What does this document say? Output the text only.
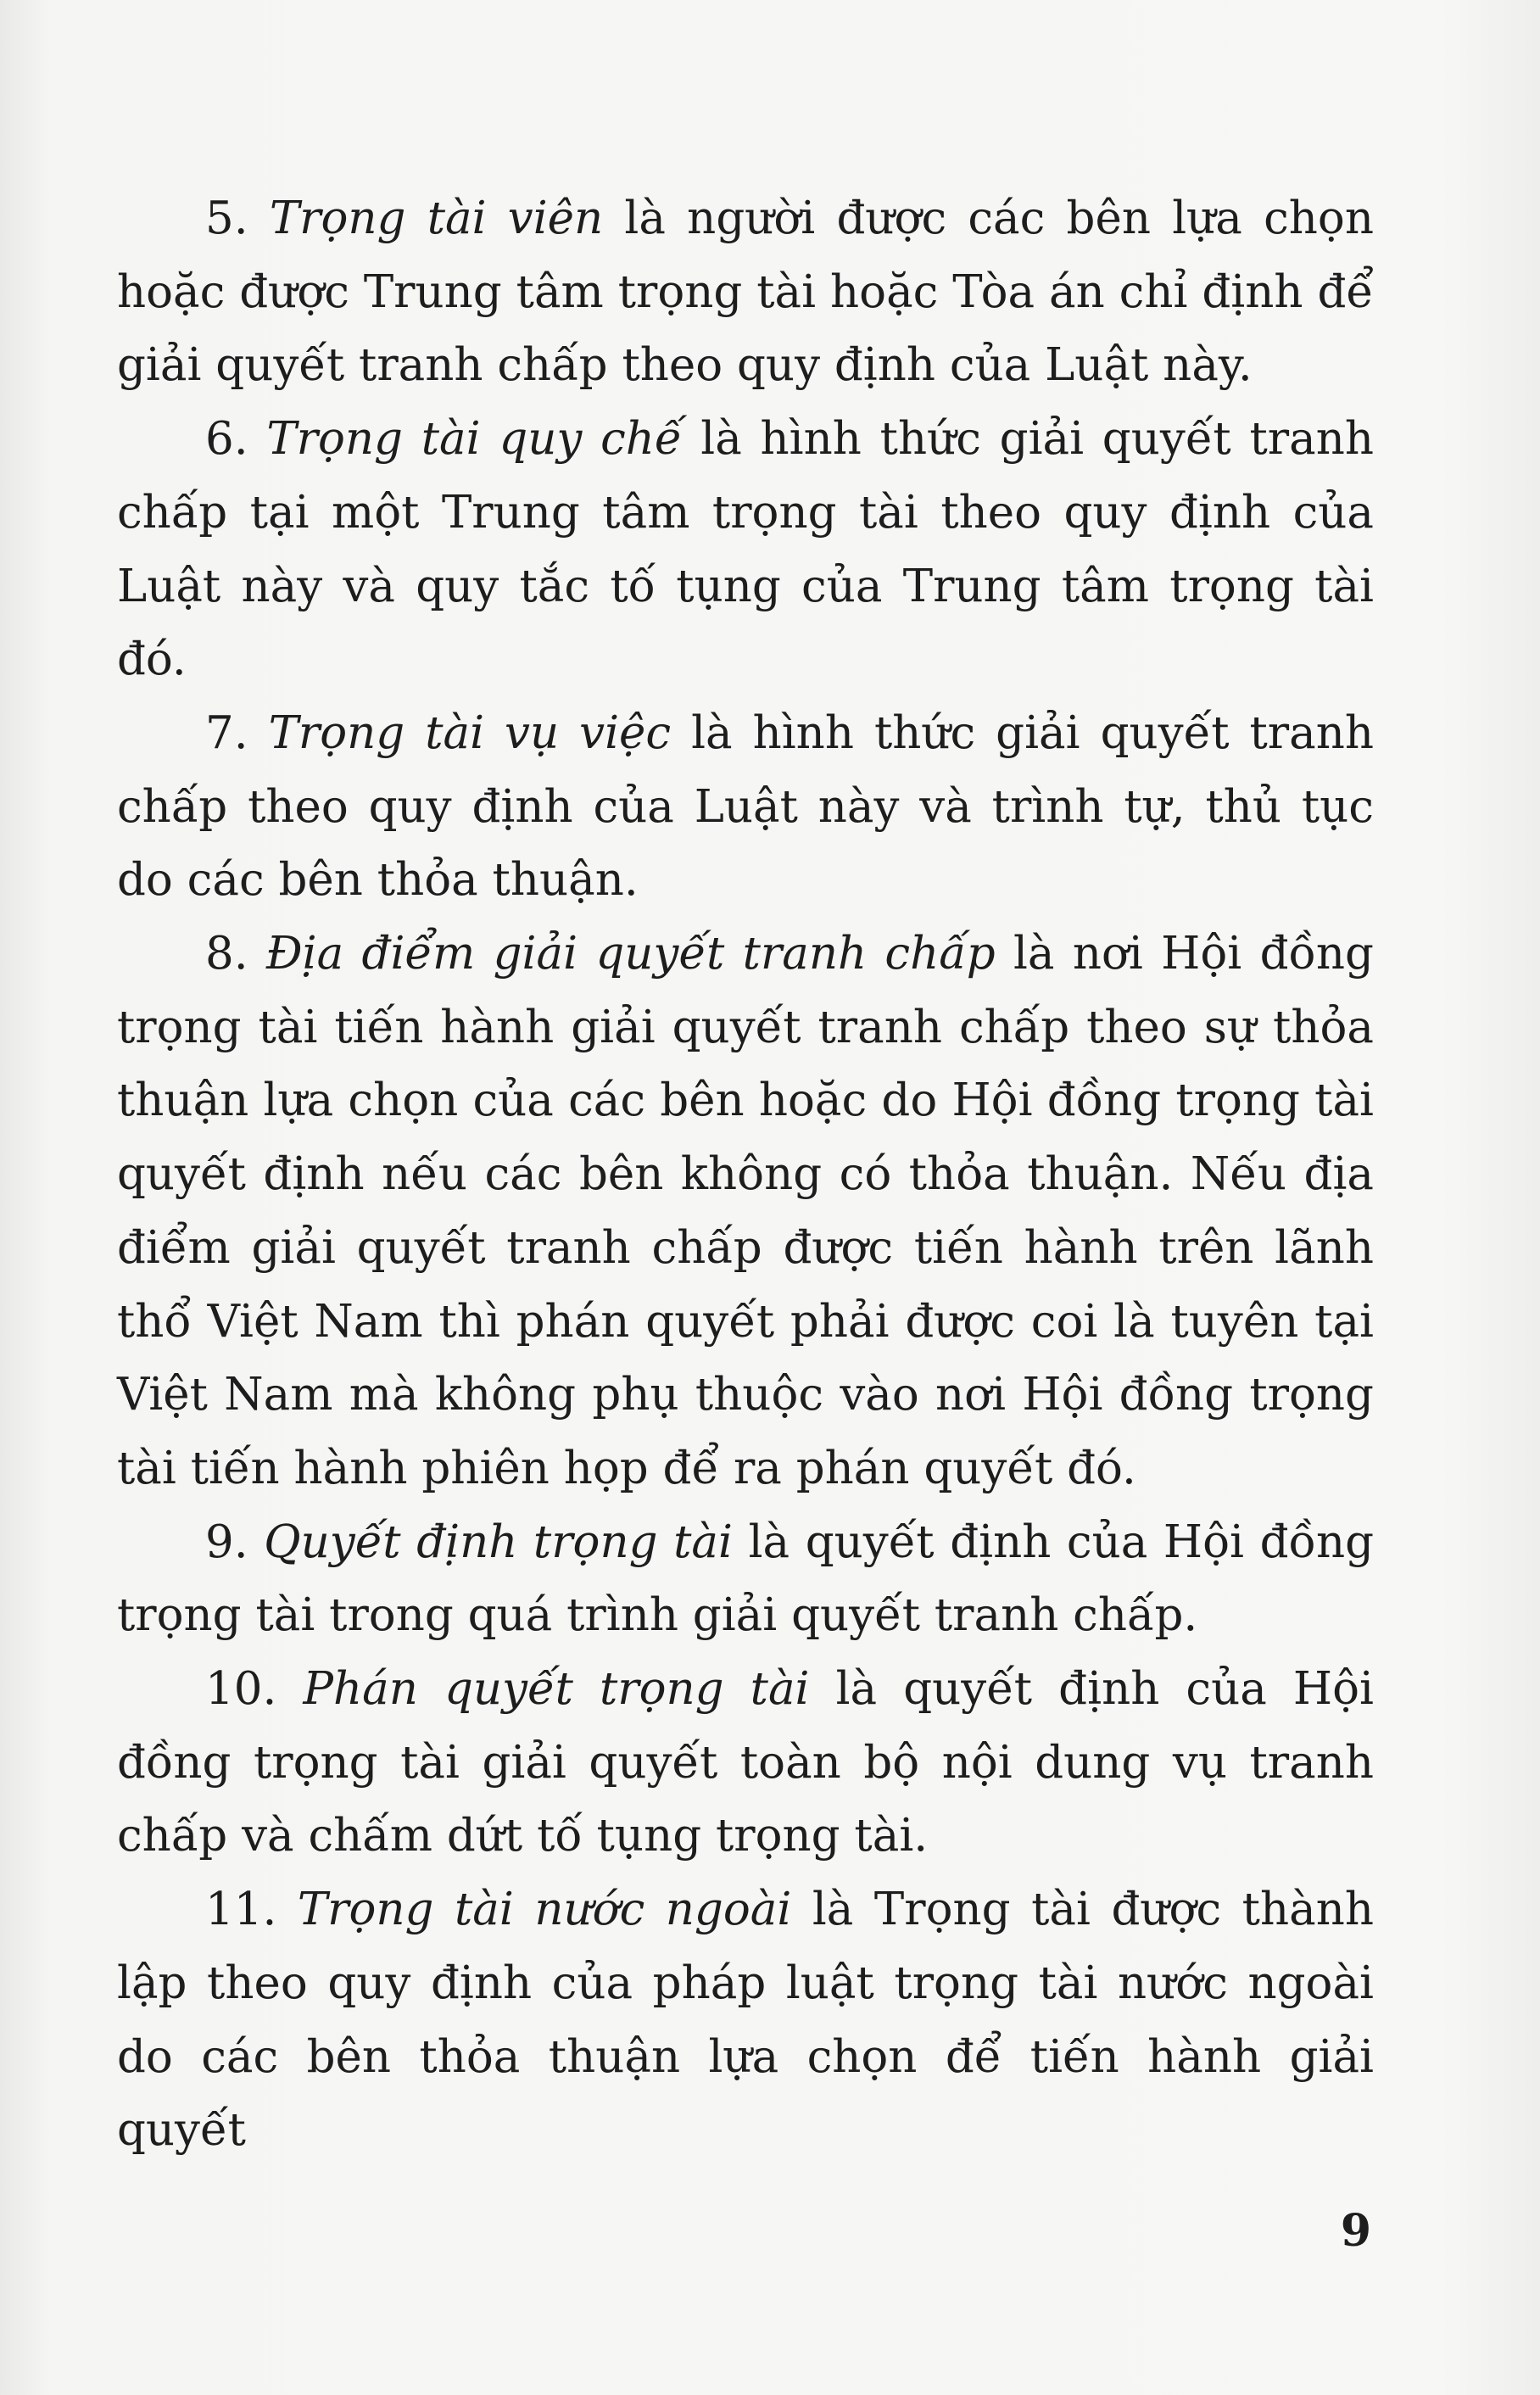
5. Trọng tài viên là người được các bên lựa chọn hoặc được Trung tâm trọng tài hoặc Tòa án chỉ định để giải quyết tranh chấp theo quy định của Luật này.

6. Trọng tài quy chế là hình thức giải quyết tranh chấp tại một Trung tâm trọng tài theo quy định của Luật này và quy tắc tố tụng của Trung tâm trọng tài đó.

7. Trọng tài vụ việc là hình thức giải quyết tranh chấp theo quy định của Luật này và trình tự, thủ tục do các bên thỏa thuận.

8. Địa điểm giải quyết tranh chấp là nơi Hội đồng trọng tài tiến hành giải quyết tranh chấp theo sự thỏa thuận lựa chọn của các bên hoặc do Hội đồng trọng tài quyết định nếu các bên không có thỏa thuận. Nếu địa điểm giải quyết tranh chấp được tiến hành trên lãnh thổ Việt Nam thì phán quyết phải được coi là tuyên tại Việt Nam mà không phụ thuộc vào nơi Hội đồng trọng tài tiến hành phiên họp để ra phán quyết đó.

9. Quyết định trọng tài là quyết định của Hội đồng trọng tài trong quá trình giải quyết tranh chấp.

10. Phán quyết trọng tài là quyết định của Hội đồng trọng tài giải quyết toàn bộ nội dung vụ tranh chấp và chấm dứt tố tụng trọng tài.

11. Trọng tài nước ngoài là Trọng tài được thành lập theo quy định của pháp luật trọng tài nước ngoài do các bên thỏa thuận lựa chọn để tiến hành giải quyết

9
